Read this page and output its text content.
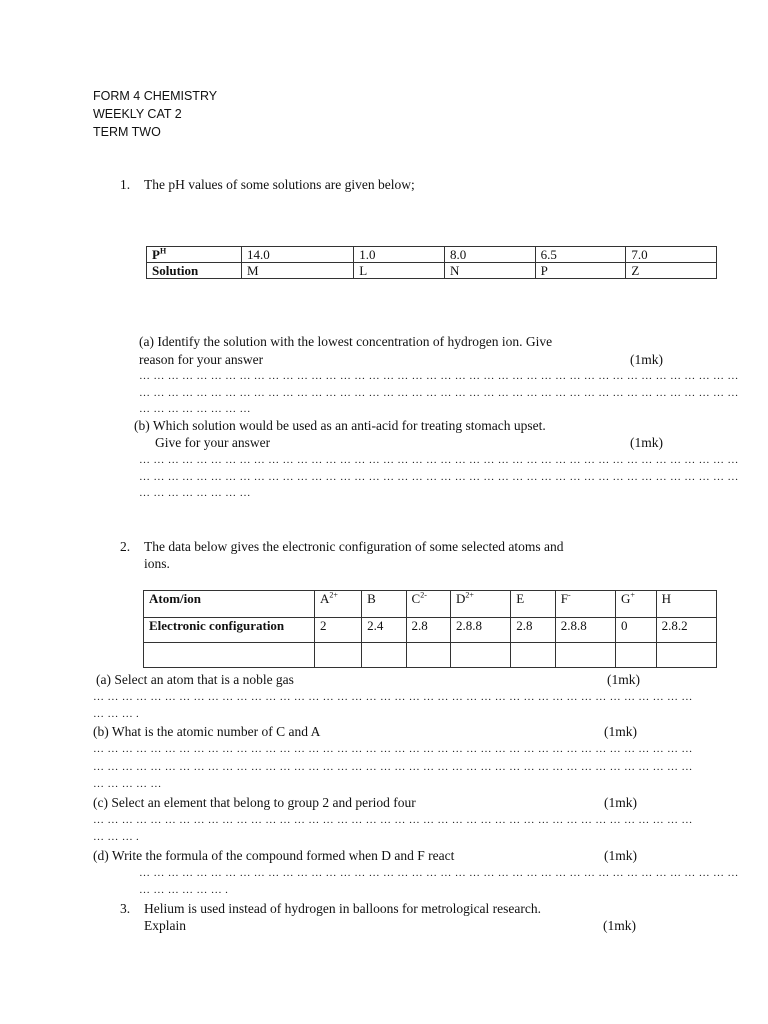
FORM 4 CHEMISTRY
WEEKLY CAT 2
TERM TWO
1. The pH values of some solutions are given below;
$P^H$	14.0	1.0	8.0	6.5	7.0
Solution	M	L	N	P	Z
(a) Identify the solution with the lowest concentration of hydrogen ion. Give
reason for your answer	(1mk)
… … … … … … … … … … … … … … … … … … … … … … … … … … … … … … … … … … … … … … … … … …
… … … … … … … … … … … … … … … … … … … … … … … … … … … … … … … … … … … … … … … … … …
… … … … … … … …
(b) Which solution would be used as an anti-acid for treating stomach upset.
Give for your answer	(1mk)
… … … … … … … … … … … … … … … … … … … … … … … … … … … … … … … … … … … … … … … … … …
… … … … … … … … … … … … … … … … … … … … … … … … … … … … … … … … … … … … … … … … … …
… … … … … … … …
2. The data below gives the electronic configuration of some selected atoms and
ions.
Atom/ion	$A^{2+}$	B	$C^{2-}$	$D^{2+}$	E	F-	G+	H
Electronic configuration	2	2.4	2.8	2.8.8	2.8	2.8.8	0	2.8.2

(a) Select an atom that is a noble gas	(1mk)
… … … … … … … … … … … … … … … … … … … … … … … … … … … … … … … … … … … … … … … … … …
… … … .
(b) What is the atomic number of C and A	(1mk)
… … … … … … … … … … … … … … … … … … … … … … … … … … … … … … … … … … … … … … … … … …
… … … … … … … … … … … … … … … … … … … … … … … … … … … … … … … … … … … … … … … … … …
… … … … …
(c) Select an element that belong to group 2 and period four	(1mk)
… … … … … … … … … … … … … … … … … … … … … … … … … … … … … … … … … … … … … … … … … …
… … … .
(d) Write the formula of the compound formed when D and F react	(1mk)
… … … … … … … … … … … … … … … … … … … … … … … … … … … … … … … … … … … … … … … … … …
… … … … … … .
3. Helium is used instead of hydrogen in balloons for metrological research.
Explain	(1mk)
